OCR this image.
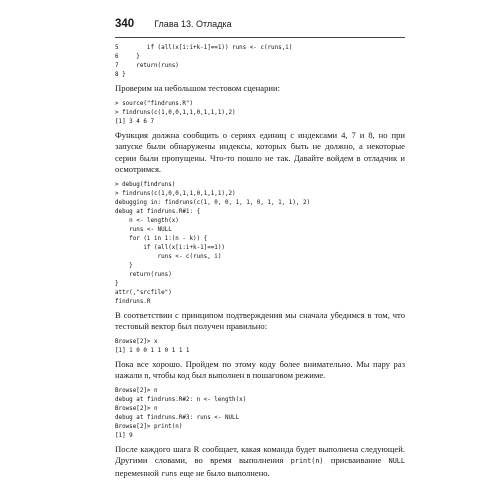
340 Глава 13. Отладка
5        if (all(x[i:i+k-1]==1)) runs <- c(runs,i)
6     }
7     return(runs)
8 }

Проверим на небольшом тестовом сценарии:

> source("findruns.R")
> findruns(c(1,0,0,1,1,0,1,1,1),2)
[1] 3 4 6 7

Функция должна сообщить о сериях единиц с индексами 4, 7 и 8, но при запуске были обнаружены индексы, которых быть не должно, а некоторые серии были пропущены. Что-то пошло не так. Давайте войдем в отладчик и осмотримся.

> debug(findruns)
> findruns(c(1,0,0,1,1,0,1,1,1),2)
debugging in: findruns(c(1, 0, 0, 1, 1, 0, 1, 1, 1), 2)
debug at findruns.R#1: {
n <- length(x)
runs <- NULL
for (i in 1:(n - k)) {
if (all(x[i:i+k-1]==1))
runs <- c(runs, i)
}
return(runs)
}
attr(,"srcfile")
findruns.R

В соответствии с принципом подтверждения мы сначала убедимся в том, что тестовый вектор был получен правильно:

Browse[2]> x
[1] 1 0 0 1 1 0 1 1 1

Пока все хорошо. Пройдем по этому коду более внимательно. Мы пару раз нажали n, чтобы код был выполнен в пошаговом режиме.

Browse[2]> n
debug at findruns.R#2: n <- length(x)
Browse[2]> n
debug at findruns.R#3: runs <- NULL
Browse[2]> print(n)
[1] 9

После каждого шага R сообщает, какая команда будет выполнена следующей. Другими словами, во время выполнения print(n) присваивание NULL переменной runs еще не было выполнено.
